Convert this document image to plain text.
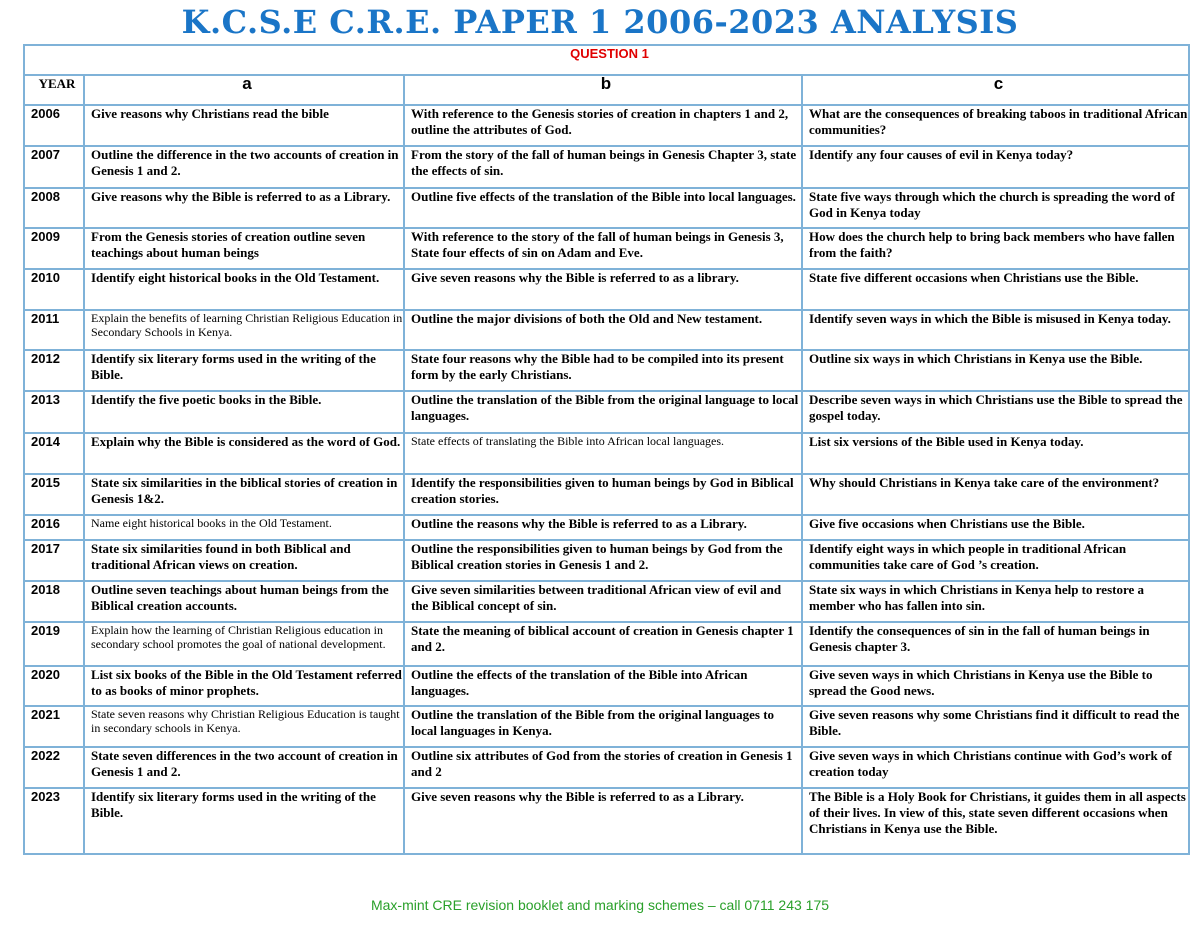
K.C.S.E C.R.E. PAPER 1 2006-2023 ANALYSIS
QUESTION 1			
YEAR	a	b	c
2006	Give reasons why Christians read the bible	With reference to the Genesis stories of creation in chapters 1 and 2, outline the attributes of God.	What are the consequences of breaking taboos in traditional African communities?
2007	Outline the difference in the two accounts of creation in Genesis 1 and 2.	From the story of the fall of human beings in Genesis Chapter 3, state the effects of sin.	Identify any four causes of evil in Kenya today?
2008	Give reasons why the Bible is referred to as a Library.	Outline five effects of the translation of the Bible into local languages.	State five ways through which the church is spreading the word of God in Kenya today
2009	From the Genesis stories of creation outline seven teachings about human beings	With reference to the story of the fall of human beings in Genesis 3, State four effects of sin on Adam and Eve.	How does the church help to bring back members who have fallen from the faith?
2010	Identify eight historical books in the Old Testament.	Give seven reasons why the Bible is referred to as a library.	State five different occasions when Christians use the Bible.
2011	Explain the benefits of learning Christian Religious Education in Secondary Schools in Kenya.	Outline the major divisions of both the Old and New testament.	Identify seven ways in which the Bible is misused in Kenya today.
2012	Identify six literary forms used in the writing of the Bible.	State four reasons why the Bible had to be compiled into its present form by the early Christians.	Outline six ways in which Christians in Kenya use the Bible.
2013	Identify the five poetic books in the Bible.	Outline the translation of the Bible from the original language to local languages.	Describe seven ways in which Christians use the Bible to spread the gospel today.
2014	Explain why the Bible is considered as the word of God.	State effects of translating the Bible into African local languages.	List six versions of the Bible used in Kenya today.
2015	State six similarities in the biblical stories of creation in Genesis 1&2.	Identify the responsibilities given to human beings by God in Biblical creation stories.	Why should Christians in Kenya take care of the environment?
2016	Name eight historical books in the Old Testament.	Outline the reasons why the Bible is referred to as a Library.	Give five occasions when Christians use the Bible.
2017	State six similarities found in both Biblical and traditional African views on creation.	Outline the responsibilities given to human beings by God from the Biblical creation stories in Genesis 1 and 2.	Identify eight ways in which people in traditional African communities take care of God ’s creation.
2018	Outline seven teachings about human beings from the Biblical creation accounts.	Give seven similarities between traditional African view of evil and the Biblical concept of sin.	State six ways in which Christians in Kenya help to restore a member who has fallen into sin.
2019	Explain how the learning of Christian Religious education in secondary school promotes the goal of national development.	State the meaning of biblical account of creation in Genesis chapter 1 and 2.	Identify the consequences of sin in the fall of human beings in Genesis chapter 3.
2020	List six books of the Bible in the Old Testament referred to as books of minor prophets.	Outline the effects of the translation of the Bible into African languages.	Give seven ways in which Christians in Kenya use the Bible to spread the Good news.
2021	State seven reasons why Christian Religious Education is taught in secondary schools in Kenya.	Outline the translation of the Bible from the original languages to local languages in Kenya.	Give seven reasons why some Christians find it difficult to read the Bible.
2022	State seven differences in the two account of creation in Genesis 1 and 2.	Outline six attributes of God from the stories of creation in Genesis 1 and 2	Give seven ways in which Christians continue with God’s work of creation today
2023	Identify six literary forms used in the writing of the Bible.	Give seven reasons why the Bible is referred to as a Library.	The Bible is a Holy Book for Christians, it guides them in all aspects of their lives. In view of this, state seven different occasions when Christians in Kenya use the Bible.
Max-mint CRE revision booklet and marking schemes – call 0711 243 175
